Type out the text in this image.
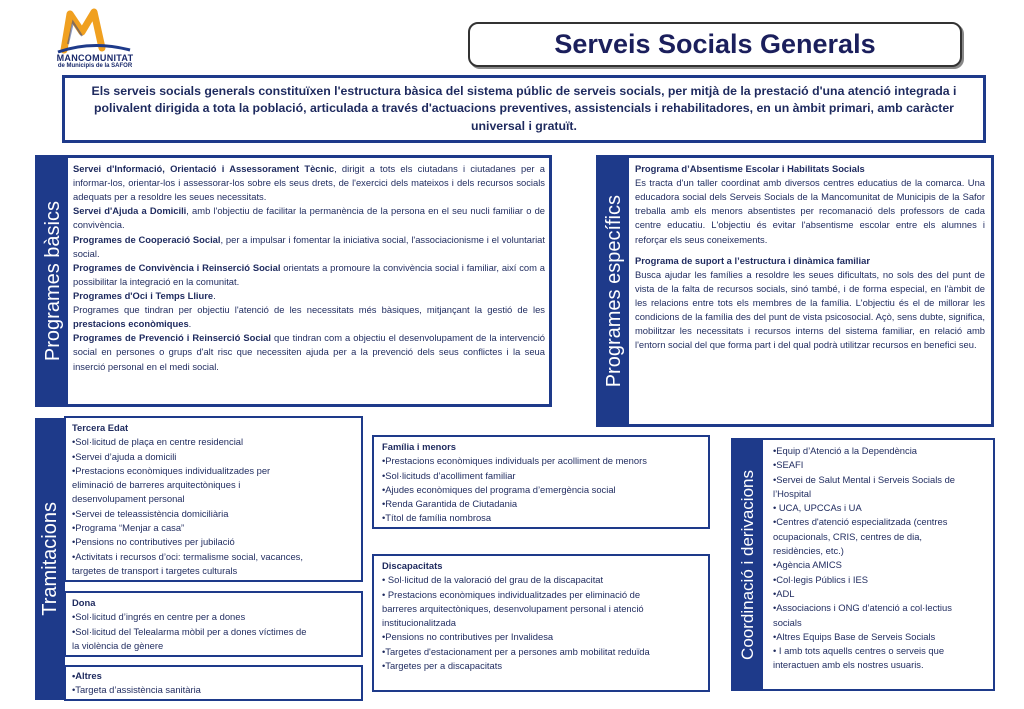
MANCOMUNITAT
de Municipis de la SAFOR
Serveis Socials Generals

Els serveis socials generals constituïxen l'estructura bàsica del sistema públic de serveis socials, per mitjà de la prestació d'una atenció integrada i polivalent dirigida a tota la població, articulada a través d'actuacions preventives, assistencials i rehabilitadores, en un àmbit primari, amb caràcter universal i gratuït.

Programes bàsics

Servei d'Informació, Orientació i Assessorament Tècnic, dirigit a tots els ciutadans i ciutadanes per a informar-los, orientar-los i assessorar-los sobre els seus drets, de l'exercici dels mateixos i dels recursos socials adequats per a resoldre les seues necessitats.

Servei d'Ajuda a Domicili, amb l'objectiu de facilitar la permanència de la persona en el seu nucli familiar o de convivència.

Programes de Cooperació Social, per a impulsar i fomentar la iniciativa social, l'associacionisme i el voluntariat social.

Programes de Convivència i Reinserció Social orientats a promoure la convivència social i familiar, així com a possibilitar la integració en la comunitat.

Programes d'Oci i Temps Lliure.

Programes que tindran per objectiu l'atenció de les necessitats més bàsiques, mitjançant la gestió de les prestacions econòmiques.

Programes de Prevenció i Reinserció Social que tindran com a objectiu el desenvolupament de la intervenció social en persones o grups d'alt risc que necessiten ajuda per a la prevenció dels seus conflictes i la seua inserció personal en el medi social.	Programes específics

Programa d’Absentisme Escolar i Habilitats Socials

Es tracta d'un taller coordinat amb diversos centres educatius de la comarca. Una educadora social dels Serveis Socials de la Mancomunitat de Municipis de la Safor treballa amb els menors absentistes per recomanació dels professors de cada centre educatiu. L'objectiu és evitar l'absentisme escolar entre els alumnes i reforçar els seus coneixements.

Programa de suport a l’estructura i dinàmica familiar

Busca ajudar les famílies a resoldre les seues dificultats, no sols des del punt de vista de la falta de recursos socials, sinó també, i de forma especial, en l'àmbit de les relacions entre tots els membres de la família. L'objectiu és el de millorar les condicions de la família des del punt de vista psicosocial. Açò, sens dubte, significa, mobilitzar les necessitats i recursos interns del sistema familiar, en relació amb l'entorn social del que forma part i del qual podrà utilitzar recursos en benefici seu.

Tramitacions
Tercera Edat
•Sol·licitud de plaça en centre residencial
•Servei d’ajuda a domicili
•Prestacions econòmiques individualitzades per
eliminació de barreres arquitectòniques i
desenvolupament personal
•Servei de teleassistència domiciliària
•Programa “Menjar a casa”
•Pensions no contributives per jubilació
•Activitats i recursos d’oci: termalisme social, vacances,
targetes de transport i targetes culturals
Dona
•Sol·licitud d’ingrés en centre per a dones
•Sol·licitud del Telealarma mòbil per a dones víctimes de
la violència de gènere
•Altres
•Targeta d’assistència sanitària
Família i menors
•Prestacions econòmiques individuals per acolliment de menors
•Sol·licituds d’acolliment familiar
•Ajudes econòmiques del programa d’emergència social
•Renda Garantida de Ciutadania
•Títol de família nombrosa
Discapacitats
• Sol·licitud de la valoració del grau de la discapacitat
• Prestacions econòmiques individualitzades per eliminació de
barreres arquitectòniques, desenvolupament personal i atenció
institucionalitzada
•Pensions no contributives per Invalidesa
•Targetes d'estacionament per a persones amb mobilitat reduïda
•Targetes per a discapacitats
Coordinació i derivacions
•Equip d’Atenció a la Dependència
•SEAFI
•Servei de Salut Mental i Serveis Socials de
l’Hospital
• UCA, UPCCAs i UA
•Centres d'atenció especialitzada (centres
ocupacionals, CRIS, centres de dia,
residències, etc.)
•Agència AMICS
•Col·legis Públics i IES
•ADL
•Associacions i ONG d’atenció a col·lectius
socials
•Altres Equips Base de Serveis Socials
• I amb tots aquells centres o serveis que
interactuen amb els nostres usuaris.
